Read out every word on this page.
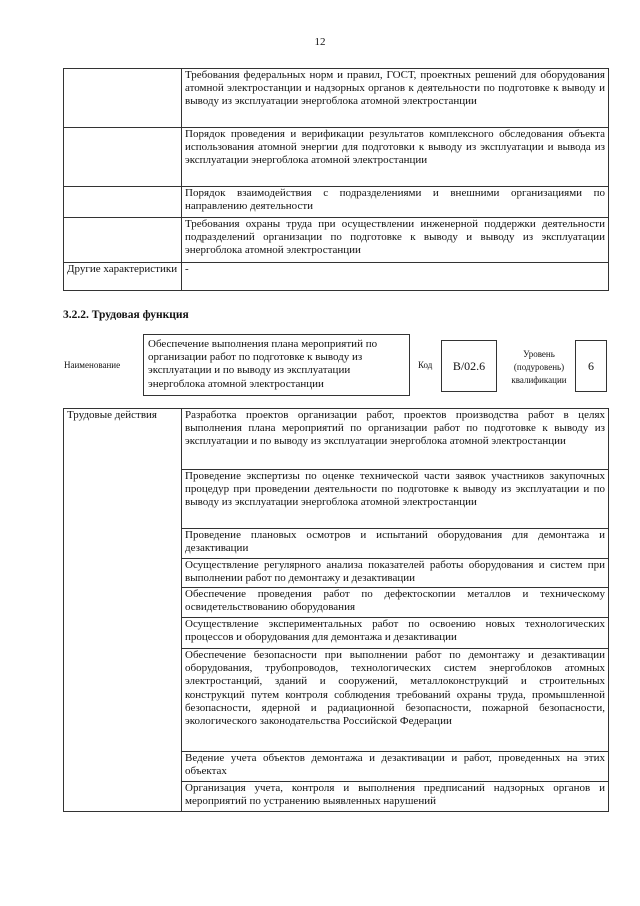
12
	Требования федеральных норм и правил, ГОСТ, проектных решений для оборудования атомной электростанции и надзорных органов к деятельности по подготовке к выводу и выводу из эксплуатации энергоблока атомной электростанции
	Порядок проведения и верификации результатов комплексного обследования объекта использования атомной энергии для подготовки к выводу из эксплуатации и вывода из эксплуатации энергоблока атомной электростанции
	Порядок взаимодействия с подразделениями и внешними организациями по направлению деятельности
	Требования охраны труда при осуществлении инженерной поддержки деятельности подразделений организации по подготовке к выводу и выводу из эксплуатации энергоблока атомной электростанции
Другие характеристики	-
3.2.2. Трудовая функция
Наименование
Обеспечение выполнения плана мероприятий по организации работ по подготовке к выводу из эксплуатации и по выводу из эксплуатации энергоблока атомной электростанции
Код B/02.6
Уровень (подуровень) квалификации
6
Трудовые действия	Разработка проектов организации работ, проектов производства работ в целях выполнения плана мероприятий по организации работ по подготовке к выводу из эксплуатации и по выводу из эксплуатации энергоблока атомной электростанции
Проведение экспертизы по оценке технической части заявок участников закупочных процедур при проведении деятельности по подготовке к выводу из эксплуатации и по выводу из эксплуатации энергоблока атомной электростанции
Проведение плановых осмотров и испытаний оборудования для демонтажа и дезактивации
Осуществление регулярного анализа показателей работы оборудования и систем при выполнении работ по демонтажу и дезактивации
Обеспечение проведения работ по дефектоскопии металлов и техническому освидетельствованию оборудования
Осуществление экспериментальных работ по освоению новых технологических процессов и оборудования для демонтажа и дезактивации
Обеспечение безопасности при выполнении работ по демонтажу и дезактивации оборудования, трубопроводов, технологических систем энергоблоков атомных электростанций, зданий и сооружений, металлоконструкций и строительных конструкций путем контроля соблюдения требований охраны труда, промышленной безопасности, ядерной и радиационной безопасности, пожарной безопасности, экологического законодательства Российской Федерации
Ведение учета объектов демонтажа и дезактивации и работ, проведенных на этих объектах
Организация учета, контроля и выполнения предписаний надзорных органов и мероприятий по устранению выявленных нарушений
